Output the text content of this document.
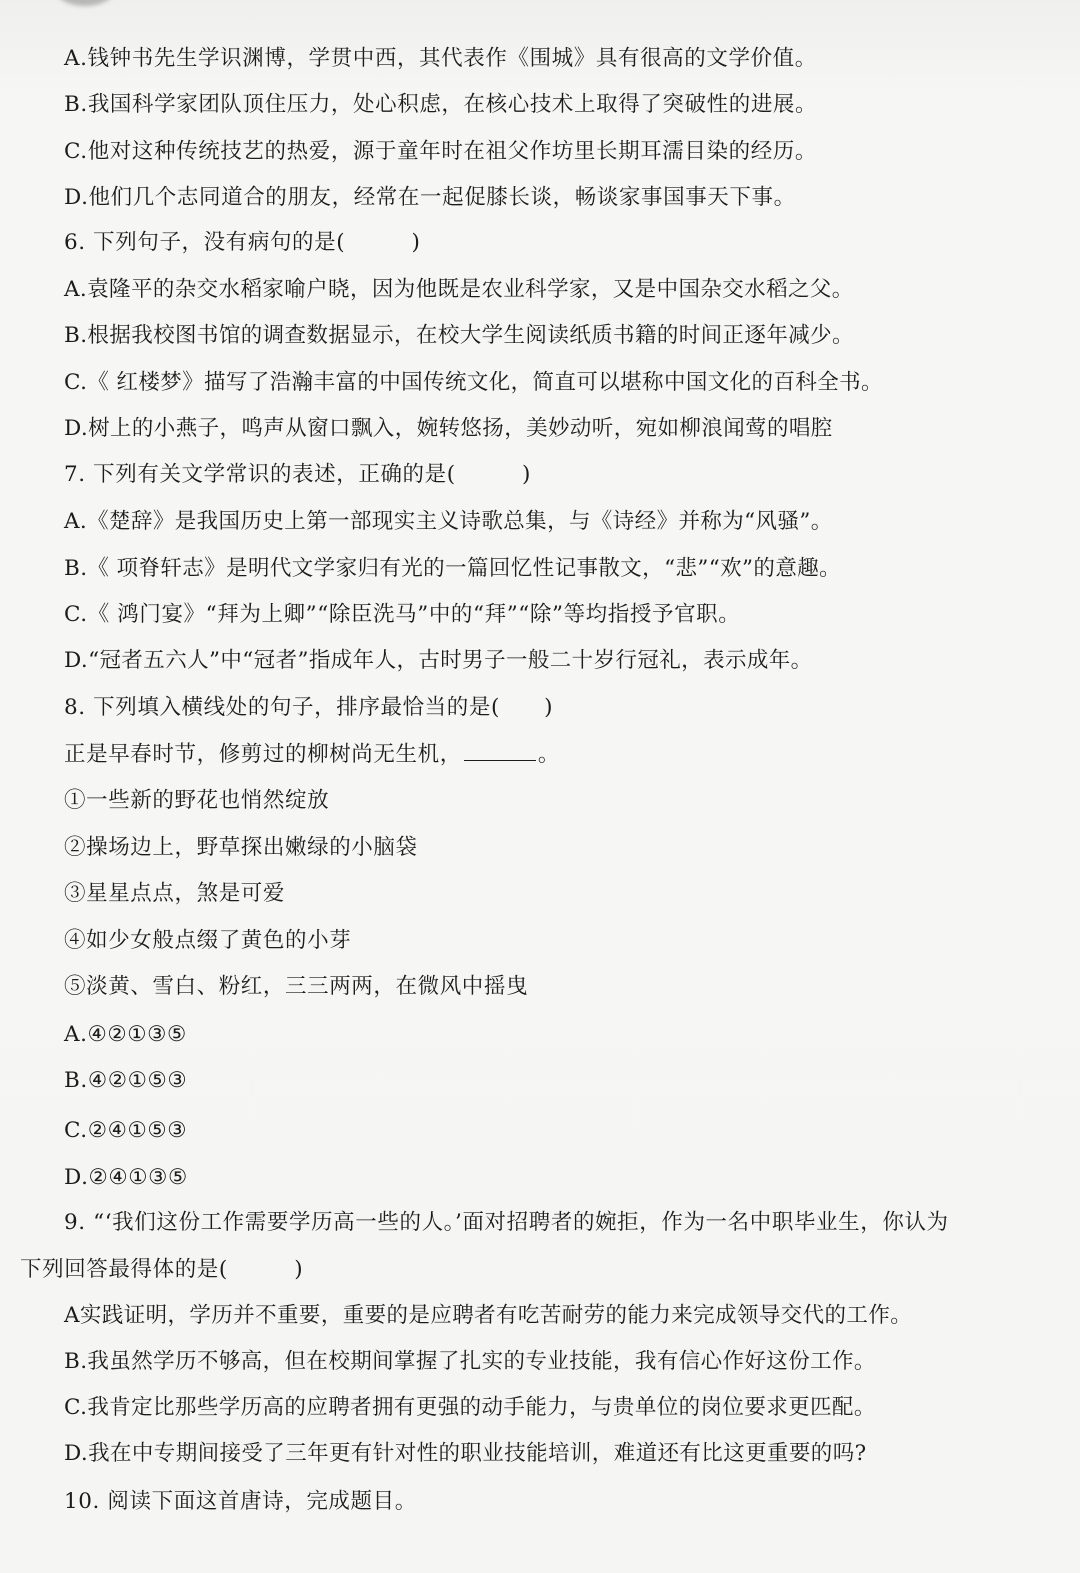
A.钱钟书先生学识渊博，学贯中西，其代表作《围城》具有很高的文学价值。
B.我国科学家团队顶住压力，处心积虑，在核心技术上取得了突破性的进展。
C.他对这种传统技艺的热爱，源于童年时在祖父作坊里长期耳濡目染的经历。
D.他们几个志同道合的朋友，经常在一起促膝长谈，畅谈家事国事天下事。
6. 下列句子，没有病句的是(　　　)
A.袁隆平的杂交水稻家喻户晓，因为他既是农业科学家，又是中国杂交水稻之父。
B.根据我校图书馆的调查数据显示，在校大学生阅读纸质书籍的时间正逐年减少。
C.《 红楼梦》描写了浩瀚丰富的中国传统文化，简直可以堪称中国文化的百科全书。
D.树上的小燕子，鸣声从窗口飘入，婉转悠扬，美妙动听，宛如柳浪闻莺的唱腔
7. 下列有关文学常识的表述，正确的是(　　　)
A.《楚辞》是我国历史上第一部现实主义诗歌总集，与《诗经》并称为“风骚”。
B.《 项脊轩志》是明代文学家归有光的一篇回忆性记事散文，“悲”“欢”的意趣。
C.《 鸿门宴》“拜为上卿”“除臣洗马”中的“拜”“除”等均指授予官职。
D.“冠者五六人”中“冠者”指成年人，古时男子一般二十岁行冠礼，表示成年。
8. 下列填入横线处的句子，排序最恰当的是(　　)
正是早春时节，修剪过的柳树尚无生机，	。
①一些新的野花也悄然绽放
②操场边上，野草探出嫩绿的小脑袋
③星星点点，煞是可爱
④如少女般点缀了黄色的小芽
⑤淡黄、雪白、粉红，三三两两，在微风中摇曳
A.④②①③⑤
B.④②①⑤③
C.②④①⑤③
D.②④①③⑤
9. “‘我们这份工作需要学历高一些的人。’面对招聘者的婉拒，作为一名中职毕业生，你认为
下列回答最得体的是(　　　)
A实践证明，学历并不重要，重要的是应聘者有吃苦耐劳的能力来完成领导交代的工作。
B.我虽然学历不够高，但在校期间掌握了扎实的专业技能，我有信心作好这份工作。
C.我肯定比那些学历高的应聘者拥有更强的动手能力，与贵单位的岗位要求更匹配。
D.我在中专期间接受了三年更有针对性的职业技能培训，难道还有比这更重要的吗?
10. 阅读下面这首唐诗，完成题目。
